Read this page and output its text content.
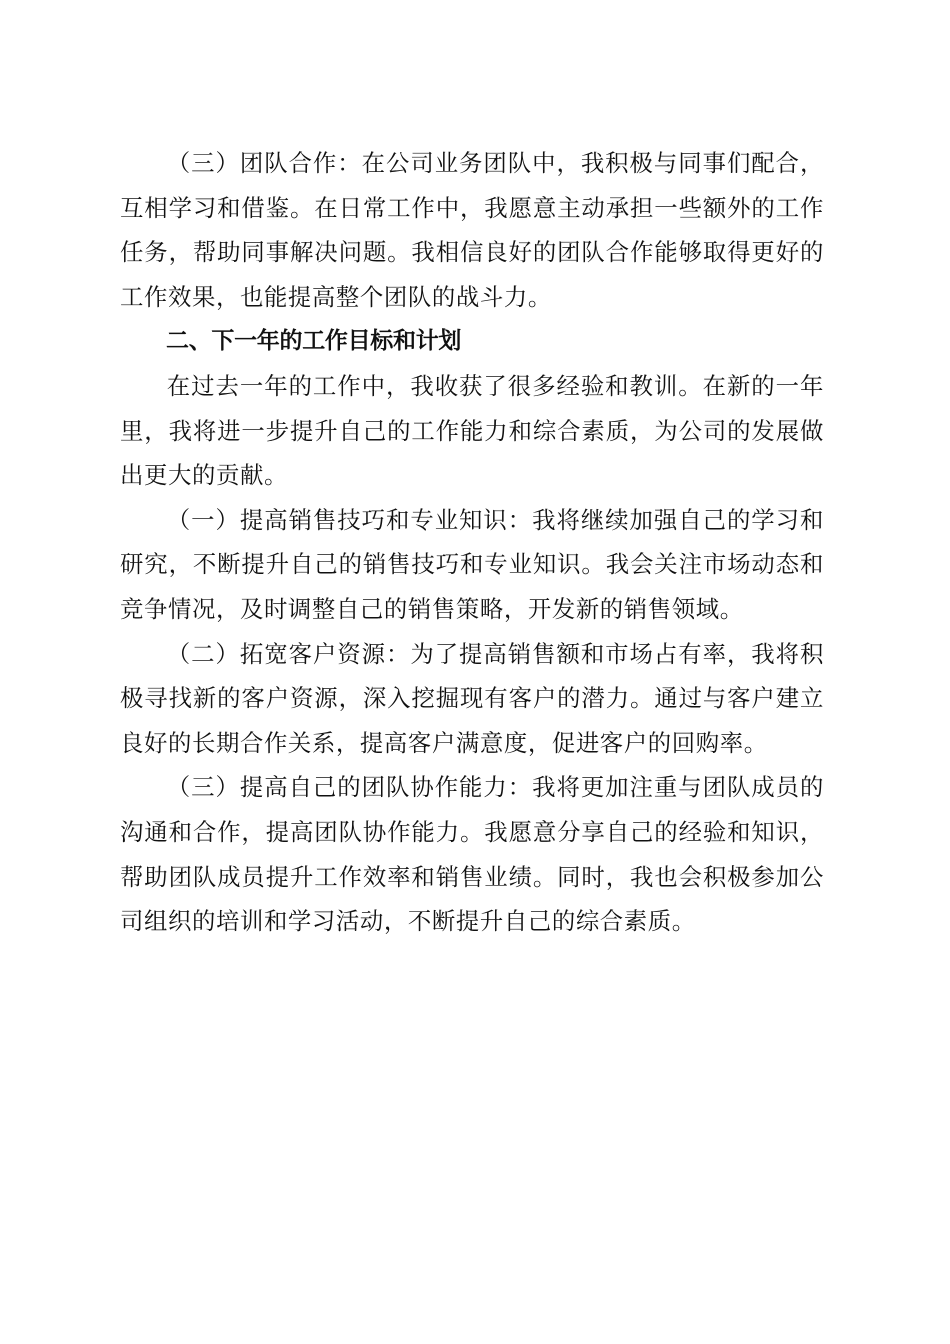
（三）团队合作：在公司业务团队中，我积极与同事们配合，互相学习和借鉴。在日常工作中，我愿意主动承担一些额外的工作任务，帮助同事解决问题。我相信良好的团队合作能够取得更好的工作效果，也能提高整个团队的战斗力。

二、下一年的工作目标和计划

在过去一年的工作中，我收获了很多经验和教训。在新的一年里，我将进一步提升自己的工作能力和综合素质，为公司的发展做出更大的贡献。

（一）提高销售技巧和专业知识：我将继续加强自己的学习和研究，不断提升自己的销售技巧和专业知识。我会关注市场动态和竞争情况，及时调整自己的销售策略，开发新的销售领域。

（二）拓宽客户资源：为了提高销售额和市场占有率，我将积极寻找新的客户资源，深入挖掘现有客户的潜力。通过与客户建立良好的长期合作关系，提高客户满意度，促进客户的回购率。

（三）提高自己的团队协作能力：我将更加注重与团队成员的沟通和合作，提高团队协作能力。我愿意分享自己的经验和知识，帮助团队成员提升工作效率和销售业绩。同时，我也会积极参加公司组织的培训和学习活动，不断提升自己的综合素质。
